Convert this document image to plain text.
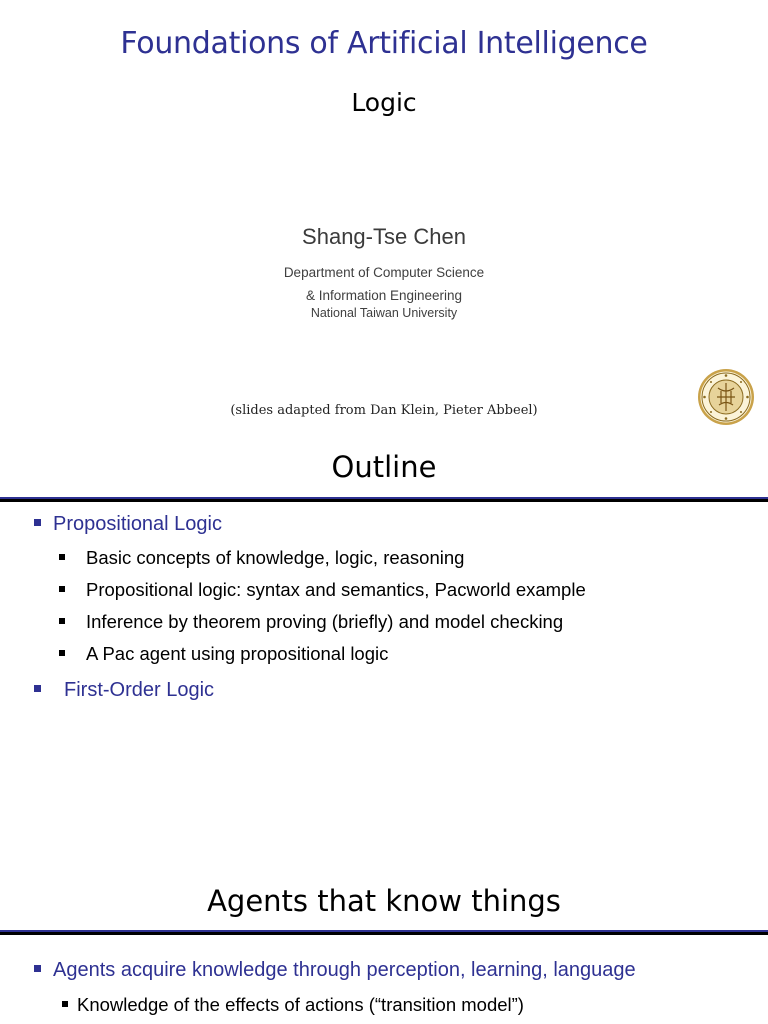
Foundations of Artificial Intelligence
Logic
Shang-Tse Chen
Department of Computer Science
& Information Engineering
National Taiwan University
(slides adapted from Dan Klein, Pieter Abbeel)
Outline
Propositional Logic
Basic concepts of knowledge, logic, reasoning
Propositional logic: syntax and semantics, Pacworld example
Inference by theorem proving (briefly) and model checking
A Pac agent using propositional logic
First-Order Logic
Agents that know things
Agents acquire knowledge through perception, learning, language
Knowledge of the effects of actions (“transition model”)
